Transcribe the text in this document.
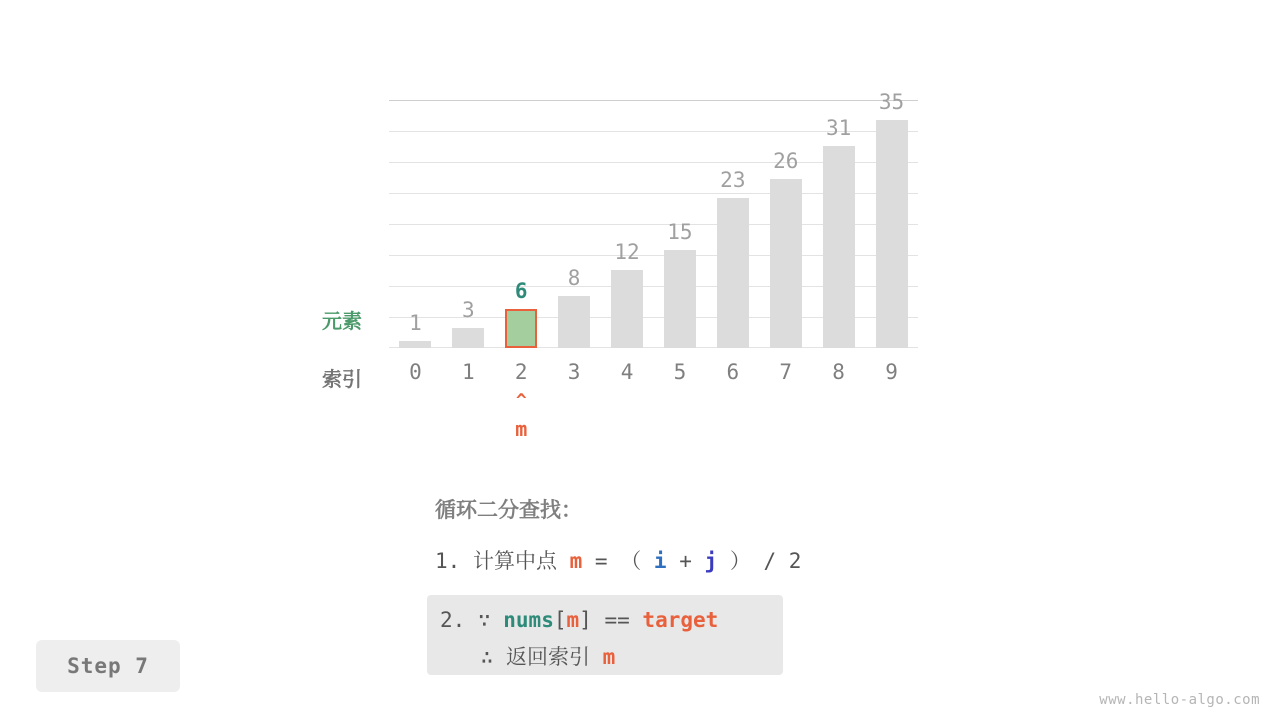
1
3
6
8
12
15
23
26
31
35
元素
索引	0	1	2	3	4	5	6	7	8	9
^
m
循环二分查找：
1. 计算中点 m = （ i + j ） / 2
2. ∵ nums[m] == target
∴ 返回索引 m
Step 7
www.hello-algo.com
